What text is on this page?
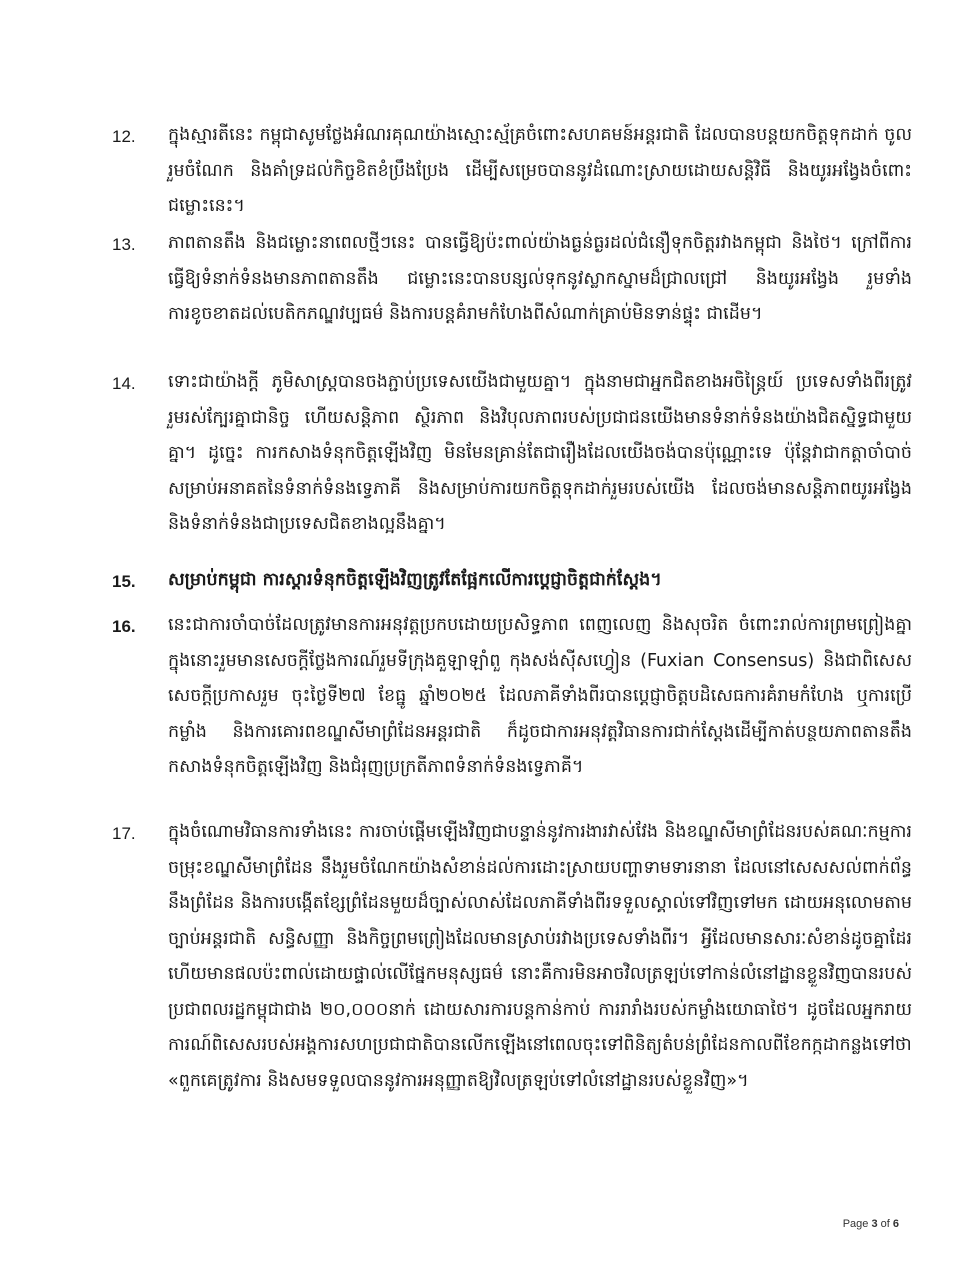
12.	ក្នុងស្មារតីនេះ កម្ពុជាសូមថ្លែងអំណរគុណយ៉ាងស្មោះស្ម័គ្រចំពោះសហគមន៍អន្តរជាតិ ដែលបានបន្តយកចិត្តទុកដាក់ ចូលរួមចំណែក និងគាំទ្រដល់កិច្ចខិតខំប្រឹងប្រែង ដើម្បីសម្រេចបាននូវដំណោះស្រាយដោយសន្តិវិធី និងយូរអង្វែងចំពោះជម្លោះនេះ។
13.	ភាពតានតឹង និងជម្លោះនាពេលថ្មីៗនេះ បានធ្វើឱ្យប៉ះពាល់យ៉ាងធ្ងន់ធ្ងរដល់ជំនឿទុកចិត្តរវាងកម្ពុជា និងថៃ។ ក្រៅពីការធ្វើឱ្យទំនាក់ទំនងមានភាពតានតឹង ជម្លោះនេះបានបន្សល់ទុកនូវស្លាកស្នាមដ៏ជ្រាលជ្រៅ និងយូរអង្វែង រួមទាំងការខូចខាតដល់បេតិកភណ្ឌវប្បធម៌ និងការបន្តគំរាមកំហែងពីសំណាក់គ្រាប់មិនទាន់ផ្ទុះ ជាដើម។
14.	ទោះជាយ៉ាងក្តី ភូមិសាស្ត្របានចងភ្ជាប់ប្រទេសយើងជាមួយគ្នា។ ក្នុងនាមជាអ្នកជិតខាងអចិន្ត្រៃយ៍ ប្រទេសទាំងពីរត្រូវរួមរស់ក្បែរគ្នាជានិច្ច ហើយសន្តិភាព ស្ថិរភាព និងវិបុលភាពរបស់ប្រជាជនយើងមានទំនាក់ទំនងយ៉ាងជិតស្និទ្ធជាមួយគ្នា។ ដូច្នេះ ការកសាងទំនុកចិត្តឡើងវិញ មិនមែនគ្រាន់តែជារឿងដែលយើងចង់បានប៉ុណ្ណោះទេ ប៉ុន្តែវាជាកត្តាចាំបាច់សម្រាប់អនាគតនៃទំនាក់ទំនងទ្វេភាគី និងសម្រាប់ការយកចិត្តទុកដាក់រួមរបស់យើង ដែលចង់មានសន្តិភាពយូរអង្វែង និងទំនាក់ទំនងជាប្រទេសជិតខាងល្អនឹងគ្នា។
15.	សម្រាប់កម្ពុជា ការស្តារទំនុកចិត្តឡើងវិញត្រូវតែផ្អែកលើការប្តេជ្ញាចិត្តជាក់ស្តែង។
16.	នេះជាការចាំបាច់ដែលត្រូវមានការអនុវត្តប្រកបដោយប្រសិទ្ធភាព ពេញលេញ និងសុចរិត ចំពោះរាល់ការព្រមព្រៀងគ្នា ក្នុងនោះរួមមានសេចក្តីថ្លែងការណ៍រួមទីក្រុងគួឡាឡាំពួ កុងសង់ស៊ីសហ្វៀន (Fuxian Consensus) និងជាពិសេសសេចក្តីប្រកាសរួម ចុះថ្ងៃទី២៧ ខែធ្នូ ឆ្នាំ២០២៥ ដែលភាគីទាំងពីរបានប្តេជ្ញាចិត្តបដិសេធការគំរាមកំហែង ឬការប្រើកម្លាំង និងការគោរពខណ្ឌសីមាព្រំដែនអន្តរជាតិ ក៏ដូចជាការអនុវត្តវិធានការជាក់ស្តែងដើម្បីកាត់បន្ថយភាពតានតឹង កសាងទំនុកចិត្តឡើងវិញ និងជំរុញប្រក្រតីភាពទំនាក់ទំនងទ្វេភាគី។
17.	ក្នុងចំណោមវិធានការទាំងនេះ ការចាប់ផ្តើមឡើងវិញជាបន្ទាន់នូវការងារវាស់វែង និងខណ្ឌសីមាព្រំដែនរបស់គណៈកម្មការចម្រុះខណ្ឌសីមាព្រំដែន នឹងរួមចំណែកយ៉ាងសំខាន់ដល់ការដោះស្រាយបញ្ហាទាមទារនានា ដែលនៅសេសសល់ពាក់ព័ន្ធនឹងព្រំដែន និងការបង្កើតខ្សែព្រំដែនមួយដ៏ច្បាស់លាស់ដែលភាគីទាំងពីរទទួលស្គាល់ទៅវិញទៅមក ដោយអនុលោមតាមច្បាប់អន្តរជាតិ សន្ធិសញ្ញា និងកិច្ចព្រមព្រៀងដែលមានស្រាប់រវាងប្រទេសទាំងពីរ។ អ្វីដែលមានសារៈសំខាន់ដូចគ្នាដែរ ហើយមានផលប៉ះពាល់ដោយផ្ទាល់លើផ្នែកមនុស្សធម៌ នោះគឺការមិនអាចវិលត្រឡប់ទៅកាន់លំនៅដ្ឋានខ្លួនវិញបានរបស់ប្រជាពលរដ្ឋកម្ពុជាជាង ២០,០០០នាក់ ដោយសារការបន្តកាន់កាប់ ការរារាំងរបស់កម្លាំងយោធាថៃ។ ដូចដែលអ្នករាយការណ៍ពិសេសរបស់អង្គការសហប្រជាជាតិបានលើកឡើងនៅពេលចុះទៅពិនិត្យតំបន់ព្រំដែនកាលពីខែកក្កដាកន្លងទៅថា «ពួកគេត្រូវការ និងសមទទួលបាននូវការអនុញ្ញាតឱ្យវិលត្រឡប់ទៅលំនៅដ្ឋានរបស់ខ្លួនវិញ»។
Page 3 of 6
